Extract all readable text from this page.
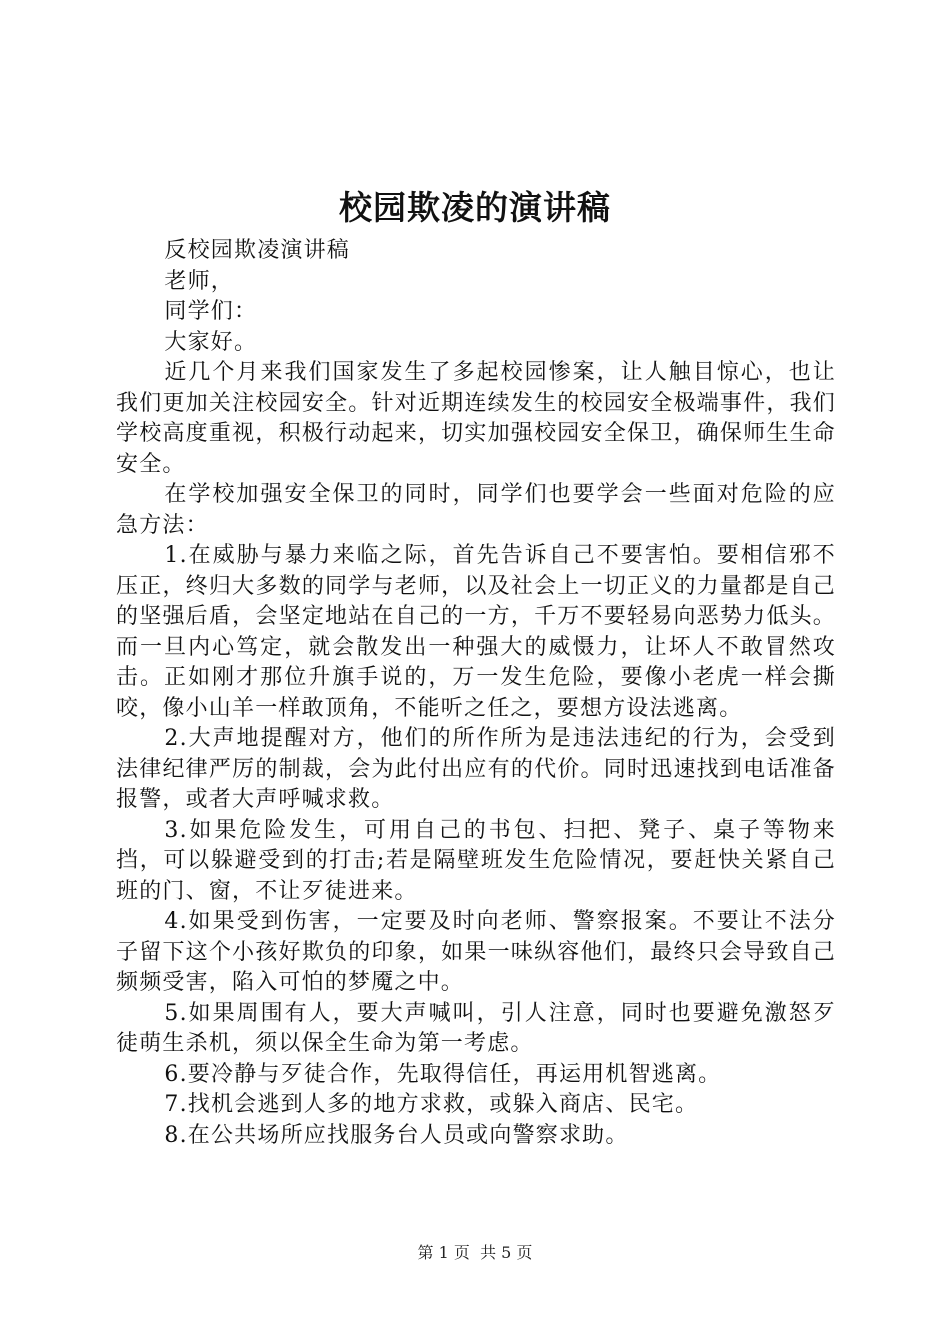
校园欺凌的演讲稿

反校园欺凌演讲稿

老师，

同学们：

大家好。

近几个月来我们国家发生了多起校园惨案，让人触目惊心，也让我们更加关注校园安全。针对近期连续发生的校园安全极端事件，我们学校高度重视，积极行动起来，切实加强校园安全保卫，确保师生生命安全。

在学校加强安全保卫的同时，同学们也要学会一些面对危险的应急方法：

1.在威胁与暴力来临之际，首先告诉自己不要害怕。要相信邪不压正，终归大多数的同学与老师，以及社会上一切正义的力量都是自己的坚强后盾，会坚定地站在自己的一方，千万不要轻易向恶势力低头。而一旦内心笃定，就会散发出一种强大的威慑力，让坏人不敢冒然攻击。正如刚才那位升旗手说的，万一发生危险，要像小老虎一样会撕咬，像小山羊一样敢顶角，不能听之任之，要想方设法逃离。

2.大声地提醒对方，他们的所作所为是违法违纪的行为，会受到法律纪律严厉的制裁，会为此付出应有的代价。同时迅速找到电话准备报警，或者大声呼喊求救。

3.如果危险发生，可用自己的书包、扫把、凳子、桌子等物来挡，可以躲避受到的打击;若是隔壁班发生危险情况，要赶快关紧自己班的门、窗，不让歹徒进来。

4.如果受到伤害，一定要及时向老师、警察报案。不要让不法分子留下这个小孩好欺负的印象，如果一味纵容他们，最终只会导致自己频频受害，陷入可怕的梦魇之中。

5.如果周围有人，要大声喊叫，引人注意，同时也要避免激怒歹徒萌生杀机，须以保全生命为第一考虑。

6.要冷静与歹徒合作，先取得信任，再运用机智逃离。

7.找机会逃到人多的地方求救，或躲入商店、民宅。

8.在公共场所应找服务台人员或向警察求助。

第 1 页 共 5 页
